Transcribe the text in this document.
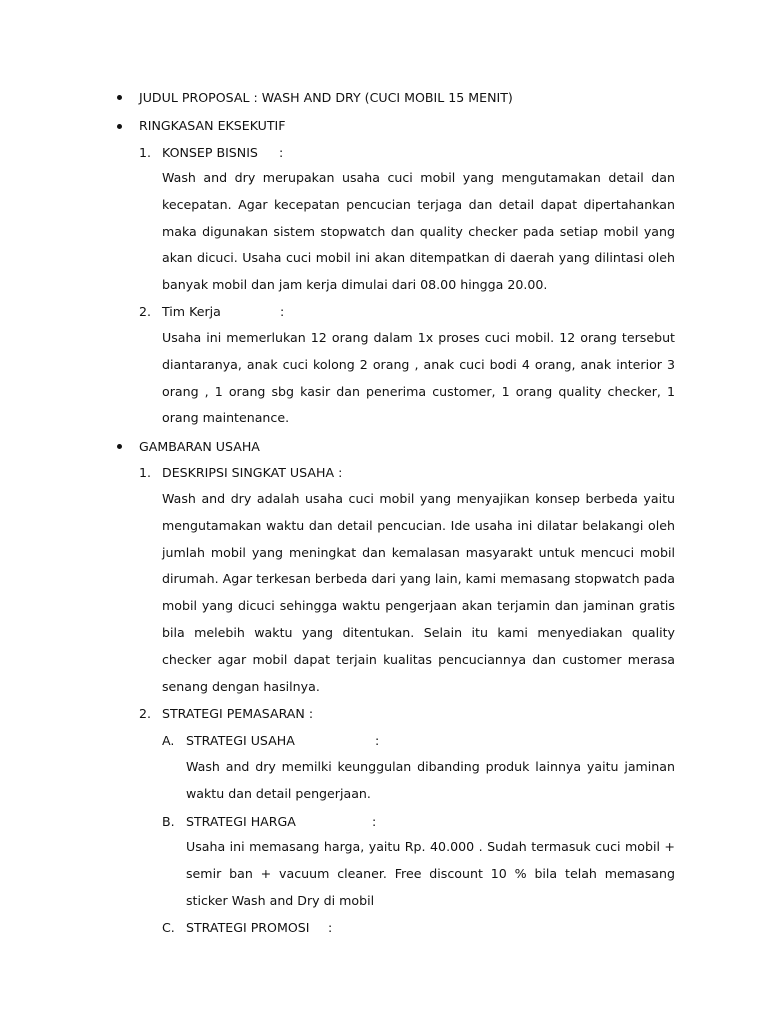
JUDUL PROPOSAL : WASH AND DRY (CUCI MOBIL 15 MENIT)
RINGKASAN EKSEKUTIF
1. KONSEP BISNIS :
Wash and dry merupakan usaha cuci mobil yang mengutamakan detail dan kecepatan. Agar kecepatan pencucian terjaga dan detail dapat dipertahankan maka digunakan sistem stopwatch dan quality checker pada setiap mobil yang akan dicuci. Usaha cuci mobil ini akan ditempatkan di daerah yang dilintasi oleh banyak mobil dan jam kerja dimulai dari 08.00 hingga 20.00.
2. Tim Kerja	:
Usaha ini memerlukan 12 orang dalam 1x proses cuci mobil. 12 orang tersebut diantaranya, anak cuci kolong 2 orang , anak cuci bodi 4 orang, anak interior 3 orang , 1 orang sbg kasir dan penerima customer, 1 orang quality checker, 1 orang maintenance.
GAMBARAN USAHA
1. DESKRIPSI SINGKAT USAHA :
Wash and dry adalah usaha cuci mobil yang menyajikan konsep berbeda yaitu mengutamakan waktu dan detail pencucian. Ide usaha ini dilatar belakangi oleh jumlah mobil yang meningkat dan kemalasan masyarakt untuk mencuci mobil dirumah. Agar terkesan berbeda dari yang lain, kami memasang stopwatch pada mobil yang dicuci sehingga waktu pengerjaan akan terjamin dan jaminan gratis bila melebih waktu yang ditentukan. Selain itu kami menyediakan quality checker agar mobil dapat terjain kualitas pencuciannya dan customer merasa senang dengan hasilnya.
2. STRATEGI PEMASARAN :
A. STRATEGI USAHA	:
Wash and dry memilki keunggulan dibanding produk lainnya yaitu jaminan waktu dan detail pengerjaan.
B. STRATEGI HARGA	:
Usaha ini memasang harga, yaitu Rp. 40.000 . Sudah termasuk cuci mobil + semir ban + vacuum cleaner. Free discount 10 % bila telah memasang sticker Wash and Dry di mobil
C. STRATEGI PROMOSI :
